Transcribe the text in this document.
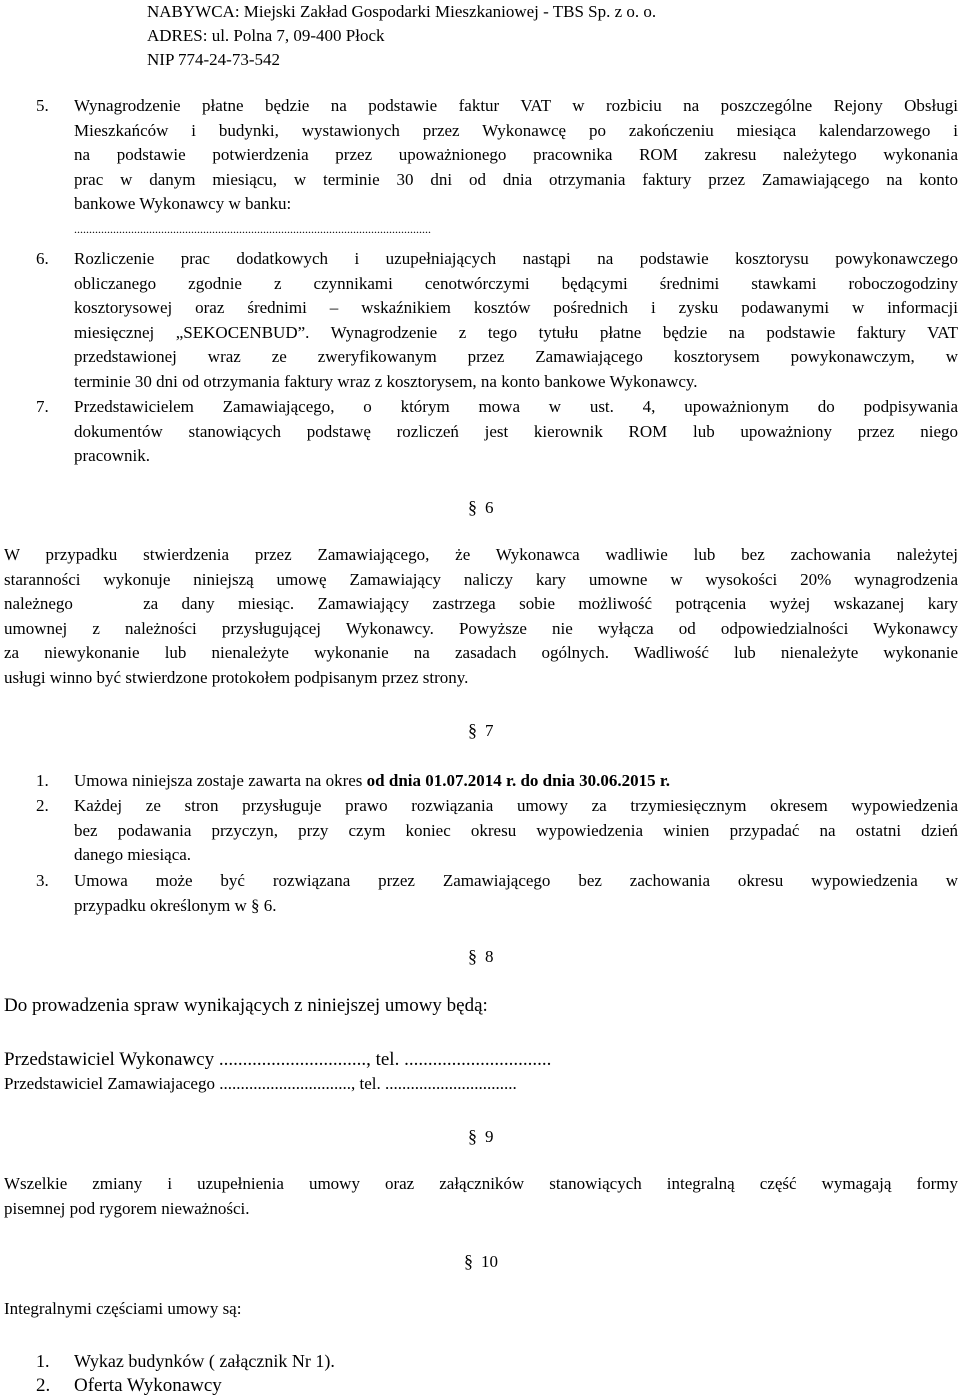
NABYWCA: Miejski Zakład Gospodarki Mieszkaniowej - TBS Sp. z o. o.
ADRES: ul. Polna 7, 09-400 Płock
NIP 774-24-73-542
5. Wynagrodzenie płatne będzie na podstawie faktur VAT w rozbiciu na poszczególne Rejony Obsługi
Mieszkańców i budynki, wystawionych przez Wykonawcę po zakończeniu miesiąca kalendarzowego i
na podstawie potwierdzenia przez upoważnionego pracownika ROM zakresu należytego wykonania
prac w danym miesiącu, w terminie 30 dni od dnia otrzymania faktury przez Zamawiającego na konto
bankowe Wykonawcy w banku:
.......................................................................................................................
6. Rozliczenie prac dodatkowych i uzupełniających nastąpi na podstawie kosztorysu powykonawczego
obliczanego zgodnie z czynnikami cenotwórczymi będącymi średnimi stawkami roboczogodziny
kosztorysowej oraz średnimi – wskaźnikiem kosztów pośrednich i zysku podawanymi w informacji
miesięcznej „SEKOCENBUD”. Wynagrodzenie z tego tytułu płatne będzie na podstawie faktury VAT
przedstawionej wraz ze zweryfikowanym przez Zamawiającego kosztorysem powykonawczym, w
terminie 30 dni od otrzymania faktury wraz z kosztorysem, na konto bankowe Wykonawcy.
7. Przedstawicielem Zamawiającego, o którym mowa w ust. 4, upoważnionym do podpisywania
dokumentów stanowiących podstawę rozliczeń jest kierownik ROM lub upoważniony przez niego
pracownik.
§ 6
W przypadku stwierdzenia przez Zamawiającego, że Wykonawca wadliwie lub bez zachowania należytej
staranności wykonuje niniejszą umowę Zamawiający naliczy kary umowne w wysokości 20% wynagrodzenia
należnego   za dany miesiąc. Zamawiający zastrzega sobie możliwość potrącenia wyżej wskazanej kary
umownej z należności przysługującej Wykonawcy. Powyższe nie wyłącza od odpowiedzialności Wykonawcy
za niewykonanie lub nienależyte wykonanie na zasadach ogólnych. Wadliwość lub nienależyte wykonanie
usługi winno być stwierdzone protokołem podpisanym przez strony.
§ 7
1. Umowa niniejsza zostaje zawarta na okres od dnia 01.07.2014 r. do dnia 30.06.2015 r.
2. Każdej ze stron przysługuje prawo rozwiązania umowy za trzymiesięcznym okresem wypowiedzenia
bez podawania przyczyn, przy czym koniec okresu wypowiedzenia winien przypadać na ostatni dzień
danego miesiąca.
3. Umowa może być rozwiązana przez Zamawiającego bez zachowania okresu wypowiedzenia w
przypadku określonym w § 6.
§ 8
Do prowadzenia spraw wynikających z niniejszej umowy będą:
Przedstawiciel Wykonawcy ..............................., tel. ...............................
Przedstawiciel Zamawiajacego ..............................., tel. ...............................
§ 9
Wszelkie zmiany i uzupełnienia umowy oraz załączników stanowiących integralną część wymagają formy
pisemnej pod rygorem nieważności.
§ 10
Integralnymi częściami umowy są:
1. Wykaz budynków ( załącznik Nr 1).
2. Oferta Wykonawcy
